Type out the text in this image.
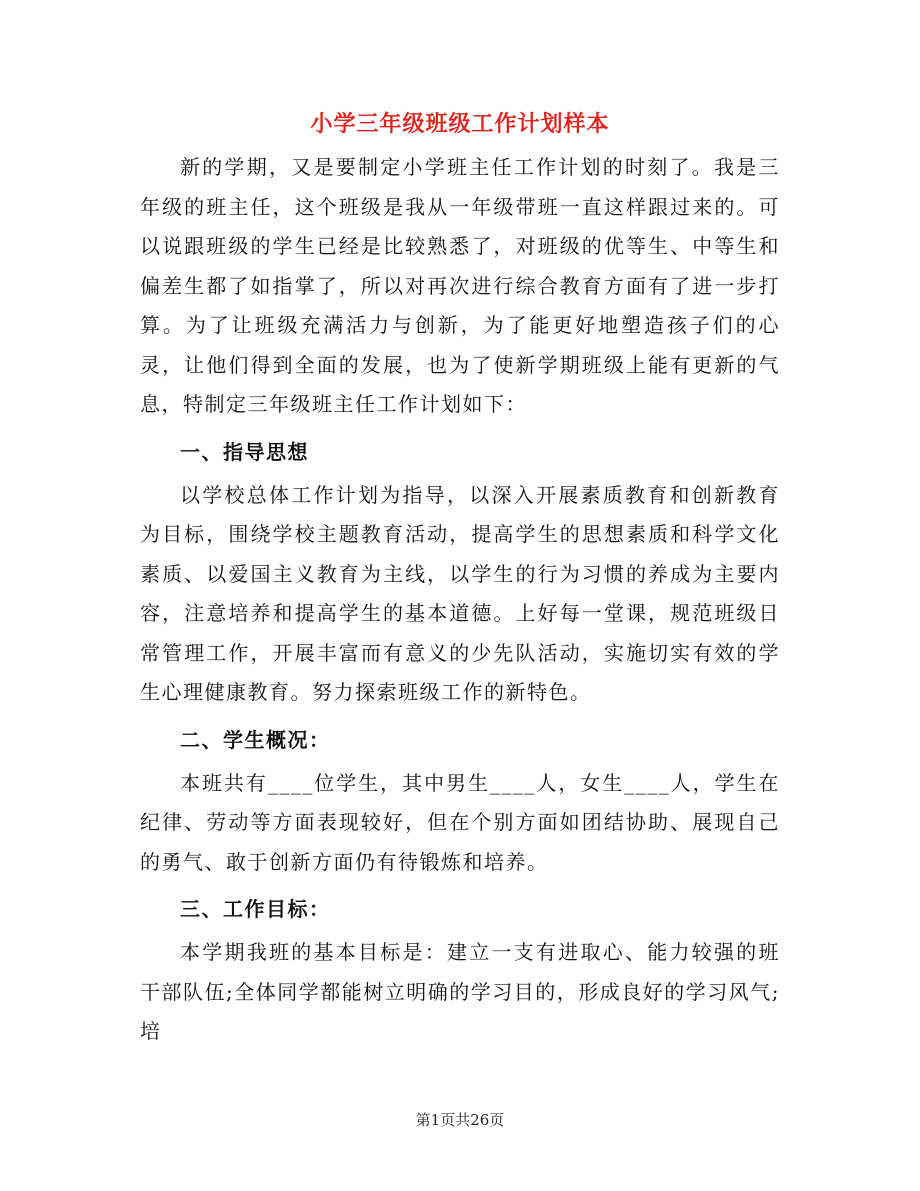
小学三年级班级工作计划样本

新的学期，又是要制定小学班主任工作计划的时刻了。我是三年级的班主任，这个班级是我从一年级带班一直这样跟过来的。可以说跟班级的学生已经是比较熟悉了，对班级的优等生、中等生和偏差生都了如指掌了，所以对再次进行综合教育方面有了进一步打算。为了让班级充满活力与创新，为了能更好地塑造孩子们的心灵，让他们得到全面的发展，也为了使新学期班级上能有更新的气息，特制定三年级班主任工作计划如下：

一、指导思想

以学校总体工作计划为指导，以深入开展素质教育和创新教育为目标，围绕学校主题教育活动，提高学生的思想素质和科学文化素质、以爱国主义教育为主线，以学生的行为习惯的养成为主要内容，注意培养和提高学生的基本道德。上好每一堂课，规范班级日常管理工作，开展丰富而有意义的少先队活动，实施切实有效的学生心理健康教育。努力探索班级工作的新特色。

二、学生概况：

本班共有____位学生，其中男生____人，女生____人，学生在纪律、劳动等方面表现较好，但在个别方面如团结协助、展现自己的勇气、敢于创新方面仍有待锻炼和培养。

三、工作目标：

本学期我班的基本目标是：建立一支有进取心、能力较强的班干部队伍;全体同学都能树立明确的学习目的，形成良好的学习风气;培

第1页共26页
